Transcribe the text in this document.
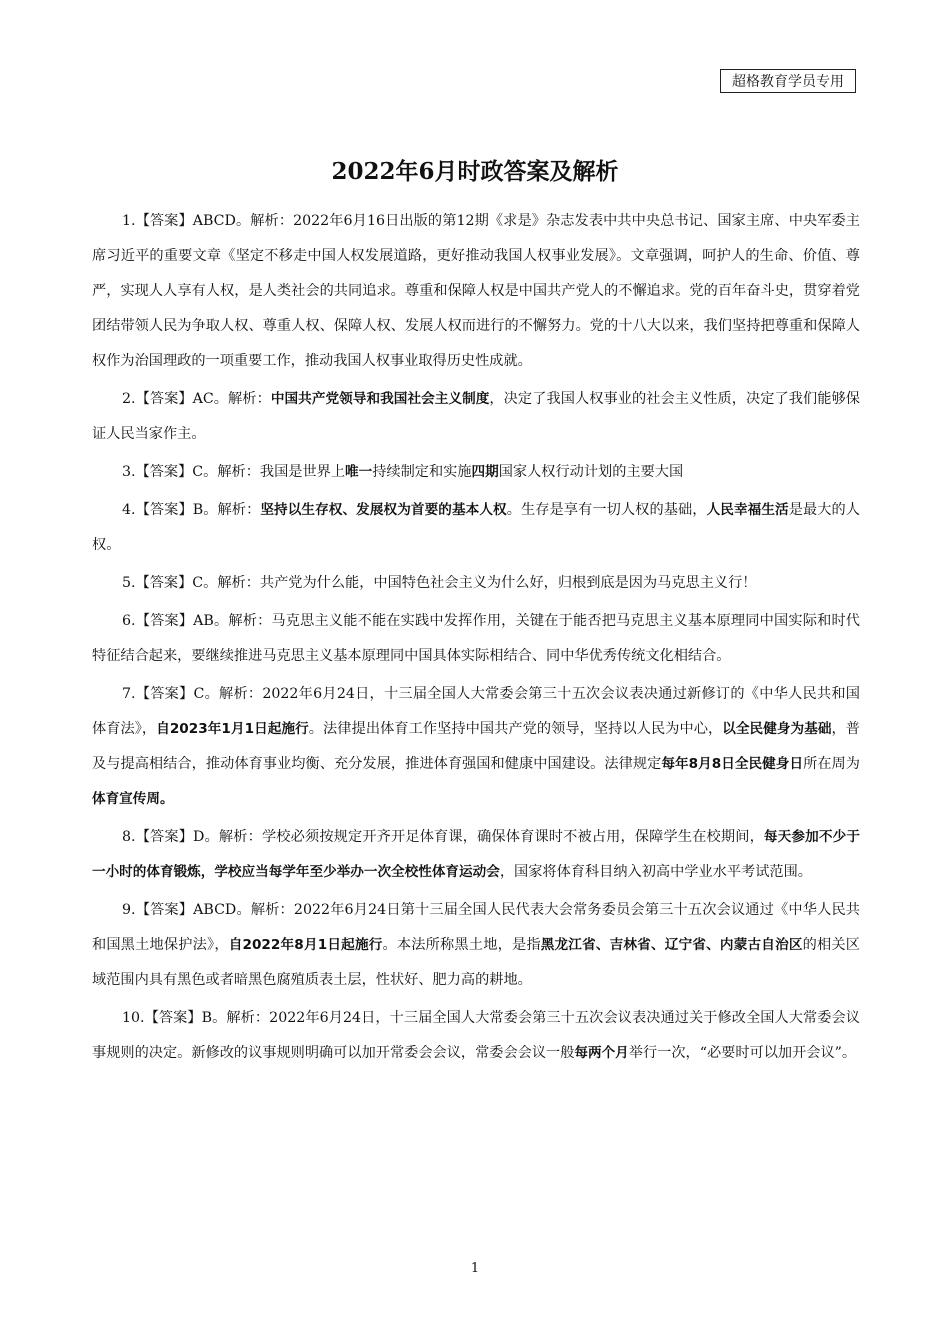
超格教育学员专用
2022年6月时政答案及解析

1.【答案】ABCD。解析：2022年6月16日出版的第12期《求是》杂志发表中共中央总书记、国家主席、中央军委主席习近平的重要文章《坚定不移走中国人权发展道路，更好推动我国人权事业发展》。文章强调，呵护人的生命、价值、尊严，实现人人享有人权，是人类社会的共同追求。尊重和保障人权是中国共产党人的不懈追求。党的百年奋斗史，贯穿着党团结带领人民为争取人权、尊重人权、保障人权、发展人权而进行的不懈努力。党的十八大以来，我们坚持把尊重和保障人权作为治国理政的一项重要工作，推动我国人权事业取得历史性成就。

2.【答案】AC。解析：中国共产党领导和我国社会主义制度，决定了我国人权事业的社会主义性质，决定了我们能够保证人民当家作主。

3.【答案】C。解析：我国是世界上唯一持续制定和实施四期国家人权行动计划的主要大国

4.【答案】B。解析：坚持以生存权、发展权为首要的基本人权。生存是享有一切人权的基础，人民幸福生活是最大的人权。

5.【答案】C。解析：共产党为什么能，中国特色社会主义为什么好，归根到底是因为马克思主义行！

6.【答案】AB。解析：马克思主义能不能在实践中发挥作用，关键在于能否把马克思主义基本原理同中国实际和时代特征结合起来，要继续推进马克思主义基本原理同中国具体实际相结合、同中华优秀传统文化相结合。

7.【答案】C。解析：2022年6月24日，十三届全国人大常委会第三十五次会议表决通过新修订的《中华人民共和国体育法》，自2023年1月1日起施行。法律提出体育工作坚持中国共产党的领导，坚持以人民为中心，以全民健身为基础，普及与提高相结合，推动体育事业均衡、充分发展，推进体育强国和健康中国建设。法律规定每年8月8日全民健身日所在周为体育宣传周。

8.【答案】D。解析：学校必须按规定开齐开足体育课，确保体育课时不被占用，保障学生在校期间，每天参加不少于一小时的体育锻炼，学校应当每学年至少举办一次全校性体育运动会，国家将体育科目纳入初高中学业水平考试范围。

9.【答案】ABCD。解析：2022年6月24日第十三届全国人民代表大会常务委员会第三十五次会议通过《中华人民共和国黑土地保护法》，自2022年8月1日起施行。本法所称黑土地，是指黑龙江省、吉林省、辽宁省、内蒙古自治区的相关区域范围内具有黑色或者暗黑色腐殖质表土层，性状好、肥力高的耕地。

10.【答案】B。解析：2022年6月24日，十三届全国人大常委会第三十五次会议表决通过关于修改全国人大常委会议事规则的决定。新修改的议事规则明确可以加开常委会会议，常委会会议一般每两个月举行一次，“必要时可以加开会议”。

1
